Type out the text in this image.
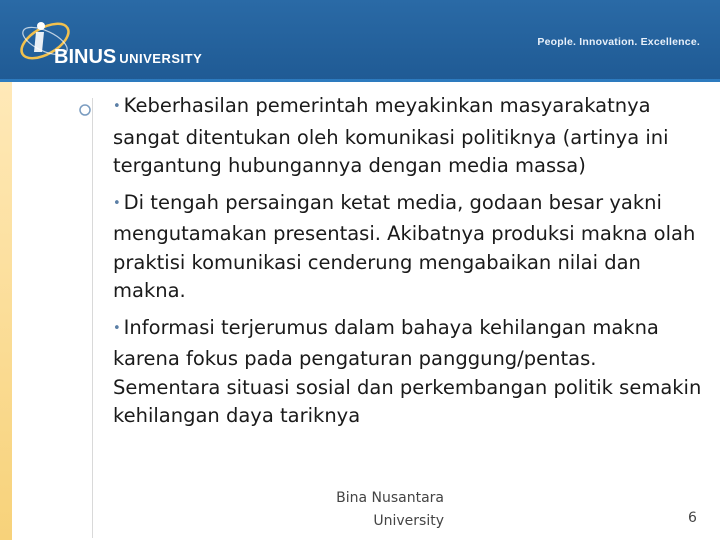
BINUS UNIVERSITY
People. Innovation. Excellence.

• Keberhasilan pemerintah meyakinkan masyarakatnya sangat ditentukan oleh komunikasi politiknya (artinya ini tergantung hubungannya dengan media massa)

• Di tengah persaingan ketat media, godaan besar yakni mengutamakan presentasi. Akibatnya produksi makna olah praktisi komunikasi cenderung mengabaikan nilai dan makna.

• Informasi terjerumus dalam bahaya kehilangan makna karena fokus pada pengaturan panggung/pentas. Sementara situasi sosial dan perkembangan politik semakin kehilangan daya tariknya

Bina Nusantara
University	6
